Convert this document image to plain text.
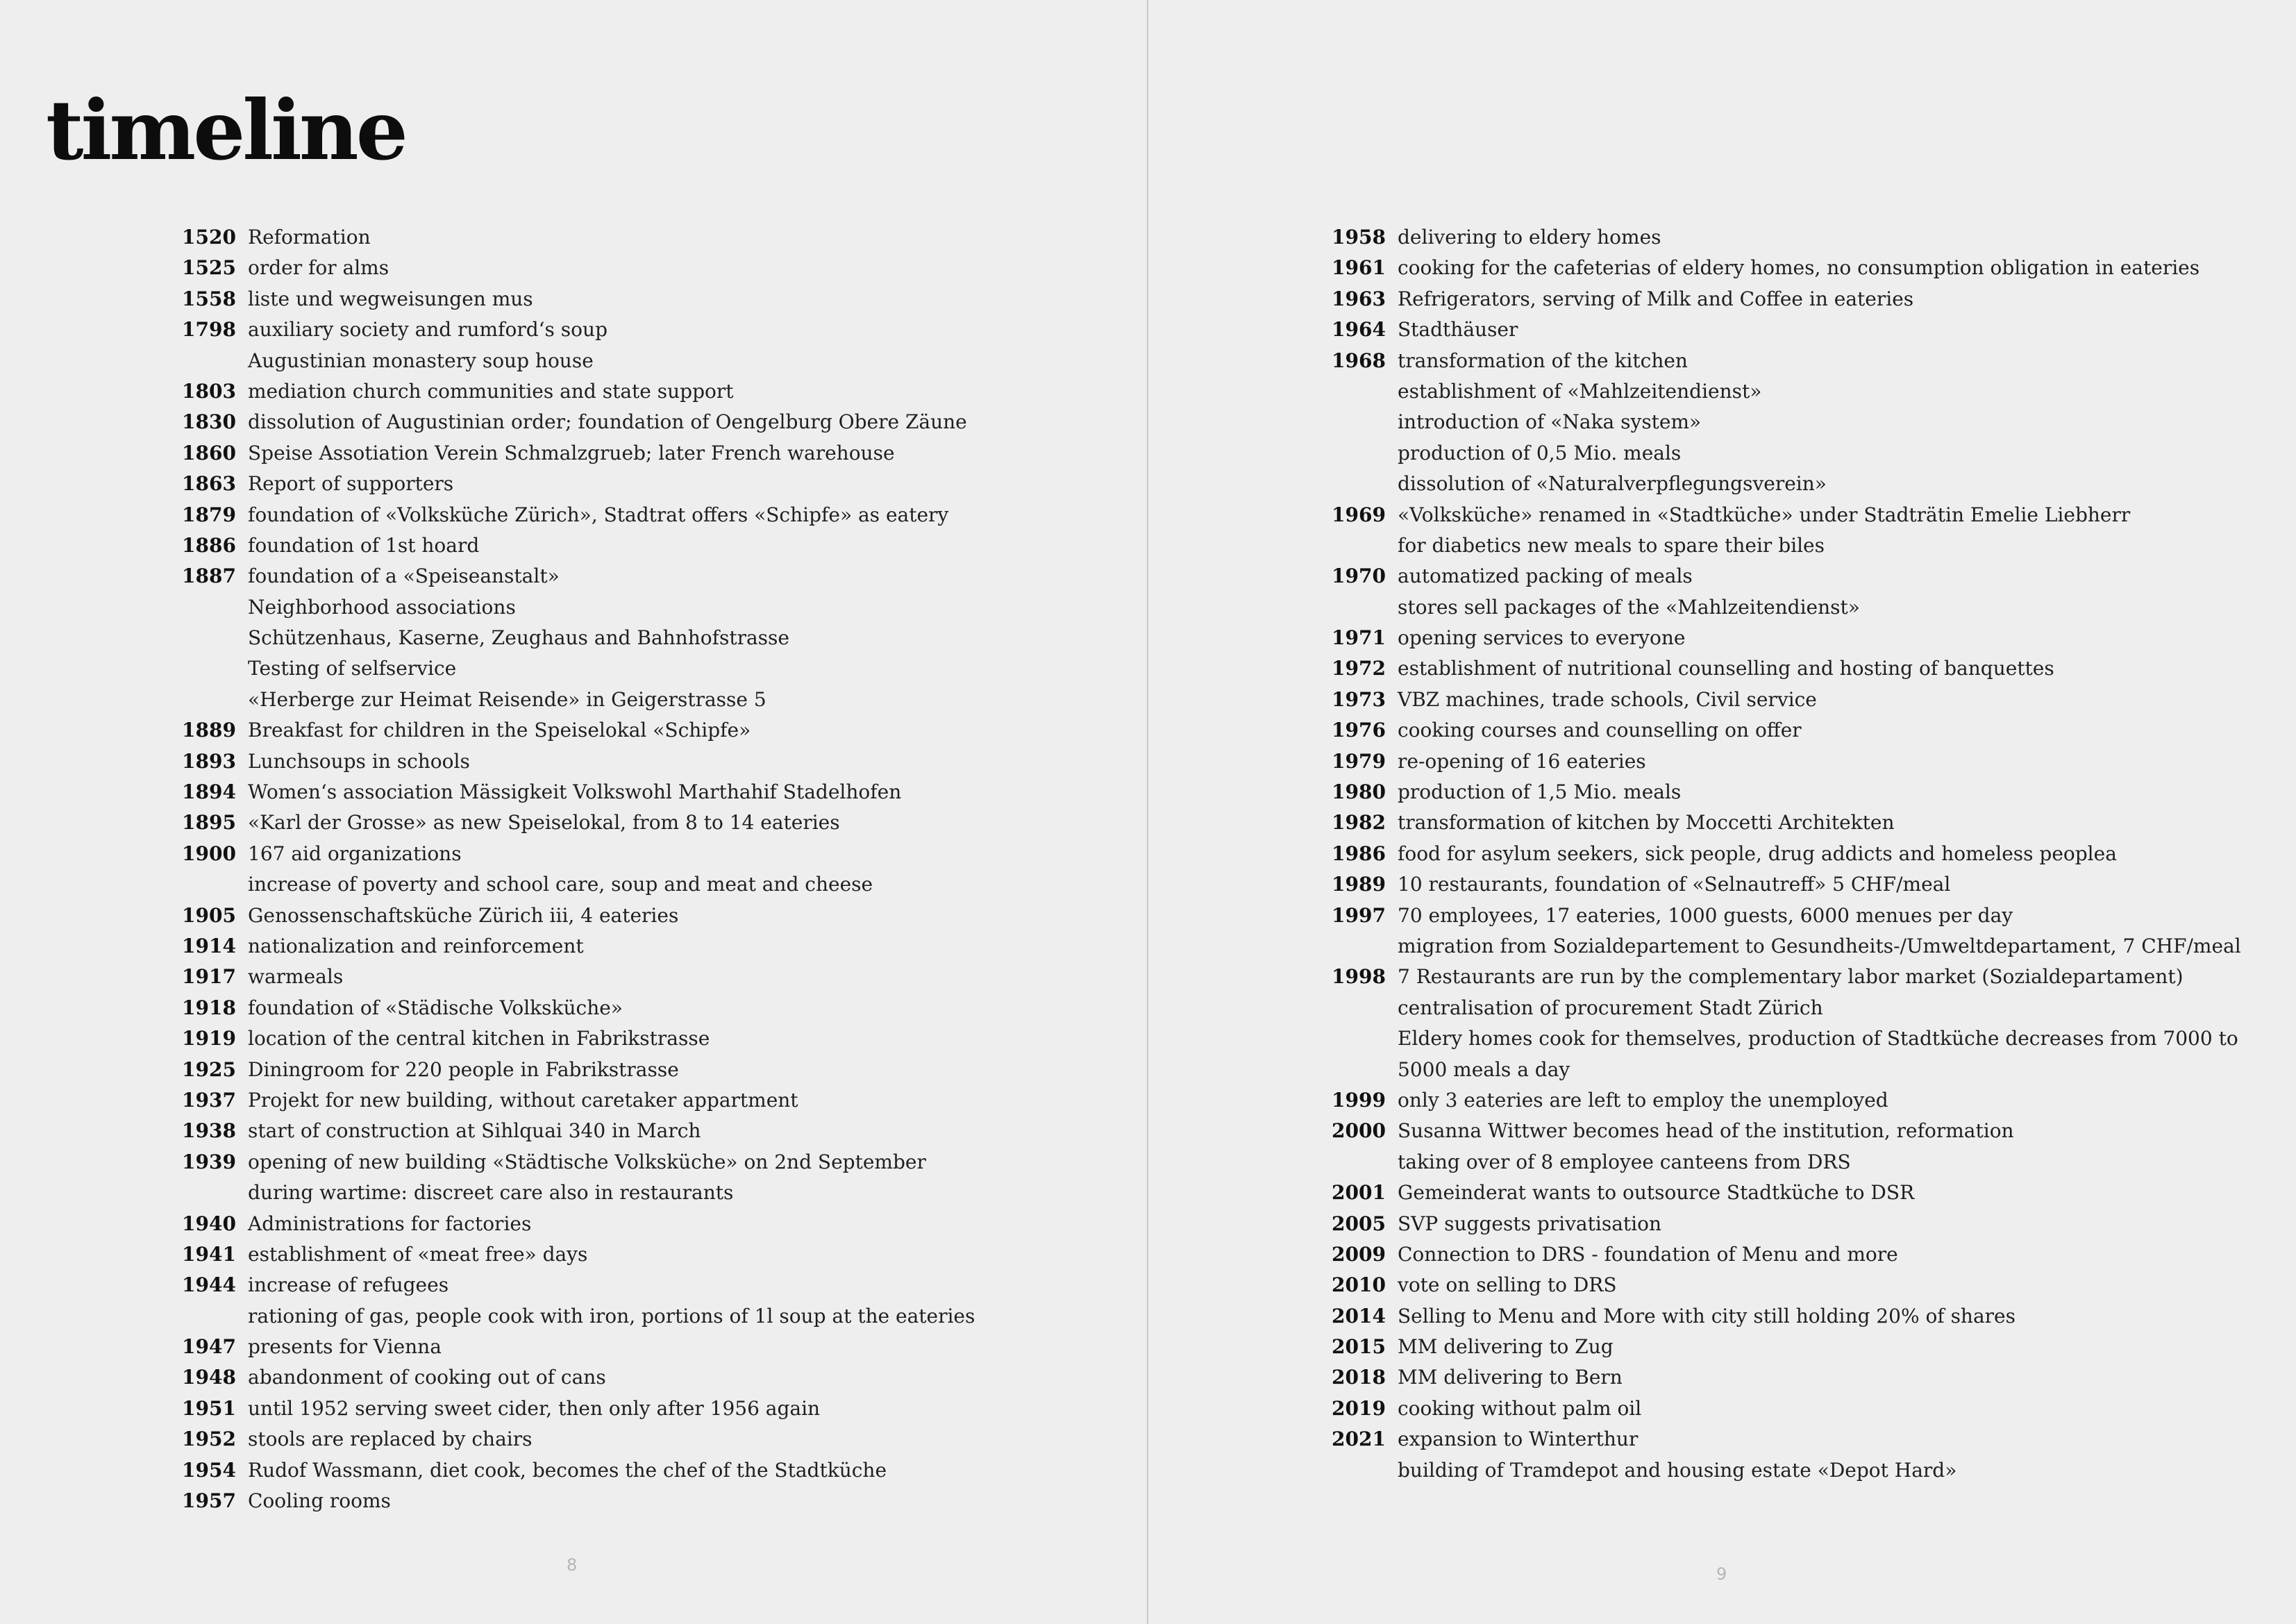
timeline
1520 Reformation
1525 order for alms
1558 liste und wegweisungen mus
1798 auxiliary society and rumford‘s soup
Augustinian monastery soup house
1803 mediation church communities and state support
1830 dissolution of Augustinian order; foundation of Oengelburg Obere Zäune
1860 Speise Assotiation Verein Schmalzgrueb; later French warehouse
1863 Report of supporters
1879 foundation of «Volksküche Zürich», Stadtrat offers «Schipfe» as eatery
1886 foundation of 1st hoard
1887 foundation of a «Speiseanstalt»
Neighborhood associations
Schützenhaus, Kaserne, Zeughaus and Bahnhofstrasse
Testing of selfservice
«Herberge zur Heimat Reisende» in Geigerstrasse 5
1889 Breakfast for children in the Speiselokal «Schipfe»
1893 Lunchsoups in schools
1894 Women‘s association Mässigkeit Volkswohl Marthahif Stadelhofen
1895 «Karl der Grosse» as new Speiselokal, from 8 to 14 eateries
1900 167 aid organizations
increase of poverty and school care, soup and meat and cheese
1905 Genossenschaftsküche Zürich iii, 4 eateries
1914 nationalization and reinforcement
1917 warmeals
1918 foundation of «Städische Volksküche»
1919 location of the central kitchen in Fabrikstrasse
1925 Diningroom for 220 people in Fabrikstrasse
1937 Projekt for new building, without caretaker appartment
1938 start of construction at Sihlquai 340 in March
1939 opening of new building «Städtische Volksküche» on 2nd September
during wartime: discreet care also in restaurants
1940 Administrations for factories
1941 establishment of «meat free» days
1944 increase of refugees
rationing of gas, people cook with iron, portions of 1l soup at the eateries
1947 presents for Vienna
1948 abandonment of cooking out of cans
1951 until 1952 serving sweet cider, then only after 1956 again
1952 stools are replaced by chairs
1954 Rudof Wassmann, diet cook, becomes the chef of the Stadtküche
1957 Cooling rooms
8
1958 delivering to eldery homes
1961 cooking for the cafeterias of eldery homes, no consumption obligation in eateries
1963 Refrigerators, serving of Milk and Coffee in eateries
1964 Stadthäuser
1968 transformation of the kitchen
establishment of «Mahlzeitendienst»
introduction of «Naka system»
production of 0,5 Mio. meals
dissolution of «Naturalverpflegungsverein»
1969 «Volksküche» renamed in «Stadtküche» under Stadträtin Emelie Liebherr
for diabetics new meals to spare their biles
1970 automatized packing of meals
stores sell packages of the «Mahlzeitendienst»
1971 opening services to everyone
1972 establishment of nutritional counselling and hosting of banquettes
1973 VBZ machines, trade schools, Civil service
1976 cooking courses and counselling on offer
1979 re-opening of 16 eateries
1980 production of 1,5 Mio. meals
1982 transformation of kitchen by Moccetti Architekten
1986 food for asylum seekers, sick people, drug addicts and homeless peoplea
1989 10 restaurants, foundation of «Selnautreff» 5 CHF/meal
1997 70 employees, 17 eateries, 1000 guests, 6000 menues per day
migration from Sozialdepartement to Gesundheits-/Umweltdepartament, 7 CHF/meal
1998 7 Restaurants are run by the complementary labor market (Sozialdepartament)
centralisation of procurement Stadt Zürich
Eldery homes cook for themselves, production of Stadtküche decreases from 7000 to
5000 meals a day
1999 only 3 eateries are left to employ the unemployed
2000 Susanna Wittwer becomes head of the institution, reformation
taking over of 8 employee canteens from DRS
2001 Gemeinderat wants to outsource Stadtküche to DSR
2005 SVP suggests privatisation
2009 Connection to DRS - foundation of Menu and more
2010 vote on selling to DRS
2014 Selling to Menu and More with city still holding 20% of shares
2015 MM delivering to Zug
2018 MM delivering to Bern
2019 cooking without palm oil
2021 expansion to Winterthur
building of Tramdepot and housing estate «Depot Hard»
9
